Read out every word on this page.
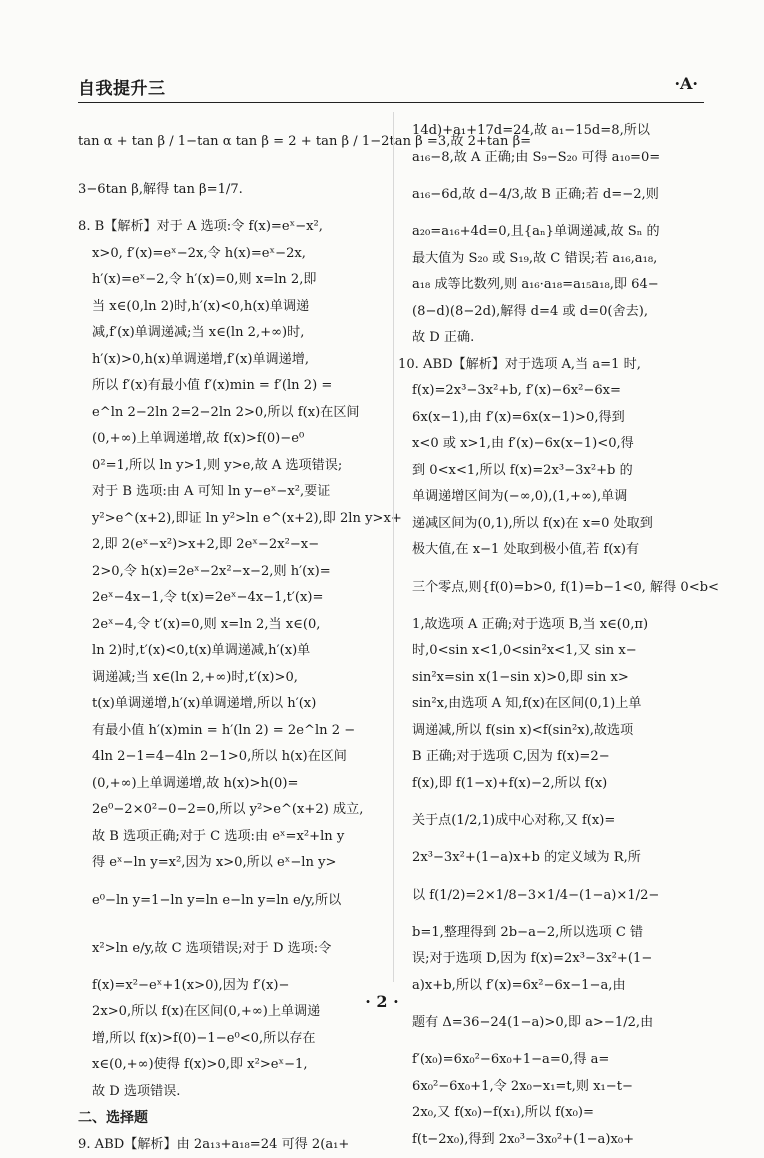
自我提升三	·A·
tan α + tan β / 1−tan α tan β = 2 + tan β / 1−2tan β =3,故 2+tan β=
3−6tan β,解得 tan β=1/7.
8. B【解析】对于 A 选项:令 f(x)=eˣ−x²,
x>0, f′(x)=eˣ−2x,令 h(x)=eˣ−2x,
h′(x)=eˣ−2,令 h′(x)=0,则 x=ln 2,即
当 x∈(0,ln 2)时,h′(x)<0,h(x)单调递
减,f′(x)单调递减;当 x∈(ln 2,+∞)时,
h′(x)>0,h(x)单调递增,f′(x)单调递增,
所以 f′(x)有最小值 f′(x)min = f′(ln 2) =
e^ln 2−2ln 2=2−2ln 2>0,所以 f(x)在区间
(0,+∞)上单调递增,故 f(x)>f(0)−e⁰
0²=1,所以 ln y>1,则 y>e,故 A 选项错误;
对于 B 选项:由 A 可知 ln y−eˣ−x²,要证
y²>e^(x+2),即证 ln y²>ln e^(x+2),即 2ln y>x+
2,即 2(eˣ−x²)>x+2,即 2eˣ−2x²−x−
2>0,令 h(x)=2eˣ−2x²−x−2,则 h′(x)=
2eˣ−4x−1,令 t(x)=2eˣ−4x−1,t′(x)=
2eˣ−4,令 t′(x)=0,则 x=ln 2,当 x∈(0,
ln 2)时,t′(x)<0,t(x)单调递减,h′(x)单
调递减;当 x∈(ln 2,+∞)时,t′(x)>0,
t(x)单调递增,h′(x)单调递增,所以 h′(x)
有最小值 h′(x)min = h′(ln 2) = 2e^ln 2 −
4ln 2−1=4−4ln 2−1>0,所以 h(x)在区间
(0,+∞)上单调递增,故 h(x)>h(0)=
2e⁰−2×0²−0−2=0,所以 y²>e^(x+2) 成立,
故 B 选项正确;对于 C 选项:由 eˣ=x²+ln y
得 eˣ−ln y=x²,因为 x>0,所以 eˣ−ln y>
e⁰−ln y=1−ln y=ln e−ln y=ln e/y,所以
x²>ln e/y,故 C 选项错误;对于 D 选项:令
f(x)=x²−eˣ+1(x>0),因为 f′(x)−
2x>0,所以 f(x)在区间(0,+∞)上单调递
增,所以 f(x)>f(0)−1−e⁰<0,所以存在
x∈(0,+∞)使得 f(x)>0,即 x²>eˣ−1,
故 D 选项错误.
二、选择题
9. ABD【解析】由 2a₁₃+a₁₈=24 可得 2(a₁+
14d)+a₁+17d=24,故 a₁−15d=8,所以
a₁₆−8,故 A 正确;由 S₉−S₂₀ 可得 a₁₀=0=
a₁₆−6d,故 d−4/3,故 B 正确;若 d=−2,则
a₂₀=a₁₆+4d=0,且{aₙ}单调递减,故 Sₙ 的
最大值为 S₂₀ 或 S₁₉,故 C 错误;若 a₁₆,a₁₈,
a₁₈ 成等比数列,则 a₁₆·a₁₈=a₁₅a₁₈,即 64−
(8−d)(8−2d),解得 d=4 或 d=0(舍去),
故 D 正确.
10. ABD【解析】对于选项 A,当 a=1 时,
f(x)=2x³−3x²+b, f′(x)−6x²−6x=
6x(x−1),由 f′(x)=6x(x−1)>0,得到
x<0 或 x>1,由 f′(x)−6x(x−1)<0,得
到 0<x<1,所以 f(x)=2x³−3x²+b 的
单调递增区间为(−∞,0),(1,+∞),单调
递减区间为(0,1),所以 f(x)在 x=0 处取到
极大值,在 x−1 处取到极小值,若 f(x)有
三个零点,则{f(0)=b>0, f(1)=b−1<0, 解得 0<b<
1,故选项 A 正确;对于选项 B,当 x∈(0,π)
时,0<sin x<1,0<sin²x<1,又 sin x−
sin²x=sin x(1−sin x)>0,即 sin x>
sin²x,由选项 A 知,f(x)在区间(0,1)上单
调递减,所以 f(sin x)<f(sin²x),故选项
B 正确;对于选项 C,因为 f(x)=2−
f(x),即 f(1−x)+f(x)−2,所以 f(x)
关于点(1/2,1)成中心对称,又 f(x)=
2x³−3x²+(1−a)x+b 的定义域为 R,所
以 f(1/2)=2×1/8−3×1/4−(1−a)×1/2−
b=1,整理得到 2b−a−2,所以选项 C 错
误;对于选项 D,因为 f(x)=2x³−3x²+(1−
a)x+b,所以 f′(x)=6x²−6x−1−a,由
题有 Δ=36−24(1−a)>0,即 a>−1/2,由
f′(x₀)=6x₀²−6x₀+1−a=0,得 a=
6x₀²−6x₀+1,令 2x₀−x₁=t,则 x₁−t−
2x₀,又 f(x₀)−f(x₁),所以 f(x₀)=
f(t−2x₀),得到 2x₀³−3x₀²+(1−a)x₀+
· 2 ·
